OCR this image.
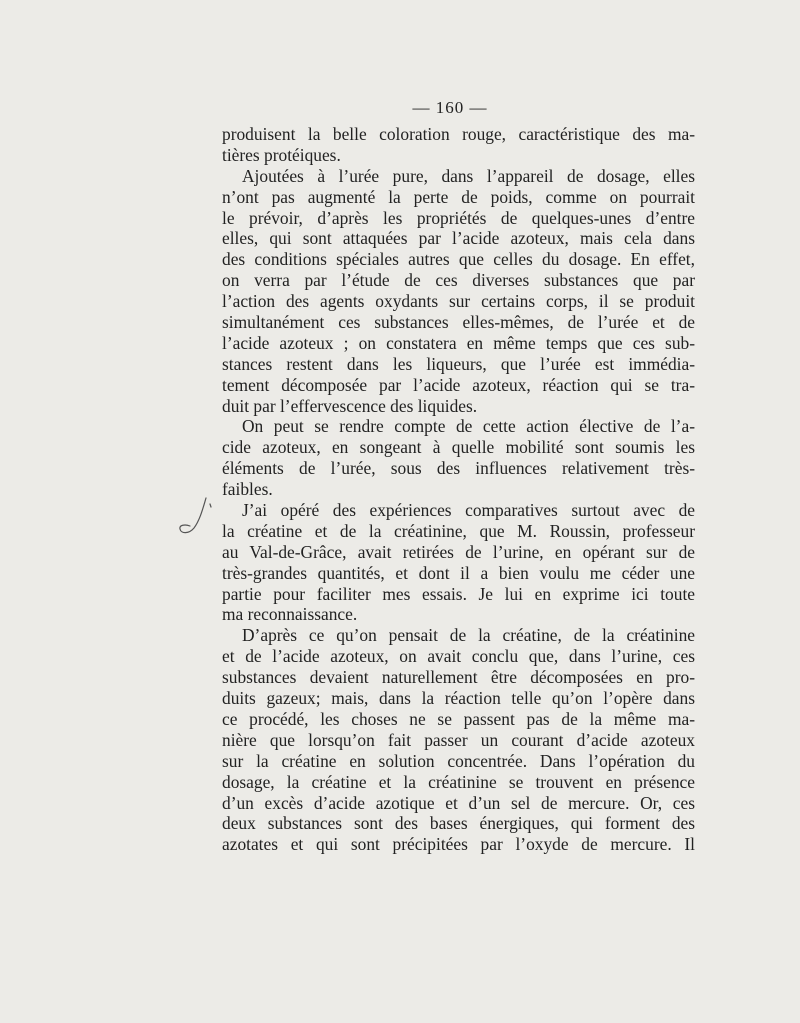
— 160 —
produisent la belle coloration rouge, caractéristique des ma-
tières protéiques.
Ajoutées à l’urée pure, dans l’appareil de dosage, elles
n’ont pas augmenté la perte de poids, comme on pourrait
le prévoir, d’après les propriétés de quelques-unes d’entre
elles, qui sont attaquées par l’acide azoteux, mais cela dans
des conditions spéciales autres que celles du dosage. En effet,
on verra par l’étude de ces diverses substances que par
l’action des agents oxydants sur certains corps, il se produit
simultanément ces substances elles-mêmes, de l’urée et de
l’acide azoteux ; on constatera en même temps que ces sub-
stances restent dans les liqueurs, que l’urée est immédia-
tement décomposée par l’acide azoteux, réaction qui se tra-
duit par l’effervescence des liquides.
On peut se rendre compte de cette action élective de l’a-
cide azoteux, en songeant à quelle mobilité sont soumis les
éléments de l’urée, sous des influences relativement très-
faibles.
J’ai opéré des expériences comparatives surtout avec de
la créatine et de la créatinine, que M. Roussin, professeur
au Val-de-Grâce, avait retirées de l’urine, en opérant sur de
très-grandes quantités, et dont il a bien voulu me céder une
partie pour faciliter mes essais. Je lui en exprime ici toute
ma reconnaissance.
D’après ce qu’on pensait de la créatine, de la créatinine
et de l’acide azoteux, on avait conclu que, dans l’urine, ces
substances devaient naturellement être décomposées en pro-
duits gazeux; mais, dans la réaction telle qu’on l’opère dans
ce procédé, les choses ne se passent pas de la même ma-
nière que lorsqu’on fait passer un courant d’acide azoteux
sur la créatine en solution concentrée. Dans l’opération du
dosage, la créatine et la créatinine se trouvent en présence
d’un excès d’acide azotique et d’un sel de mercure. Or, ces
deux substances sont des bases énergiques, qui forment des
azotates et qui sont précipitées par l’oxyde de mercure. Il
